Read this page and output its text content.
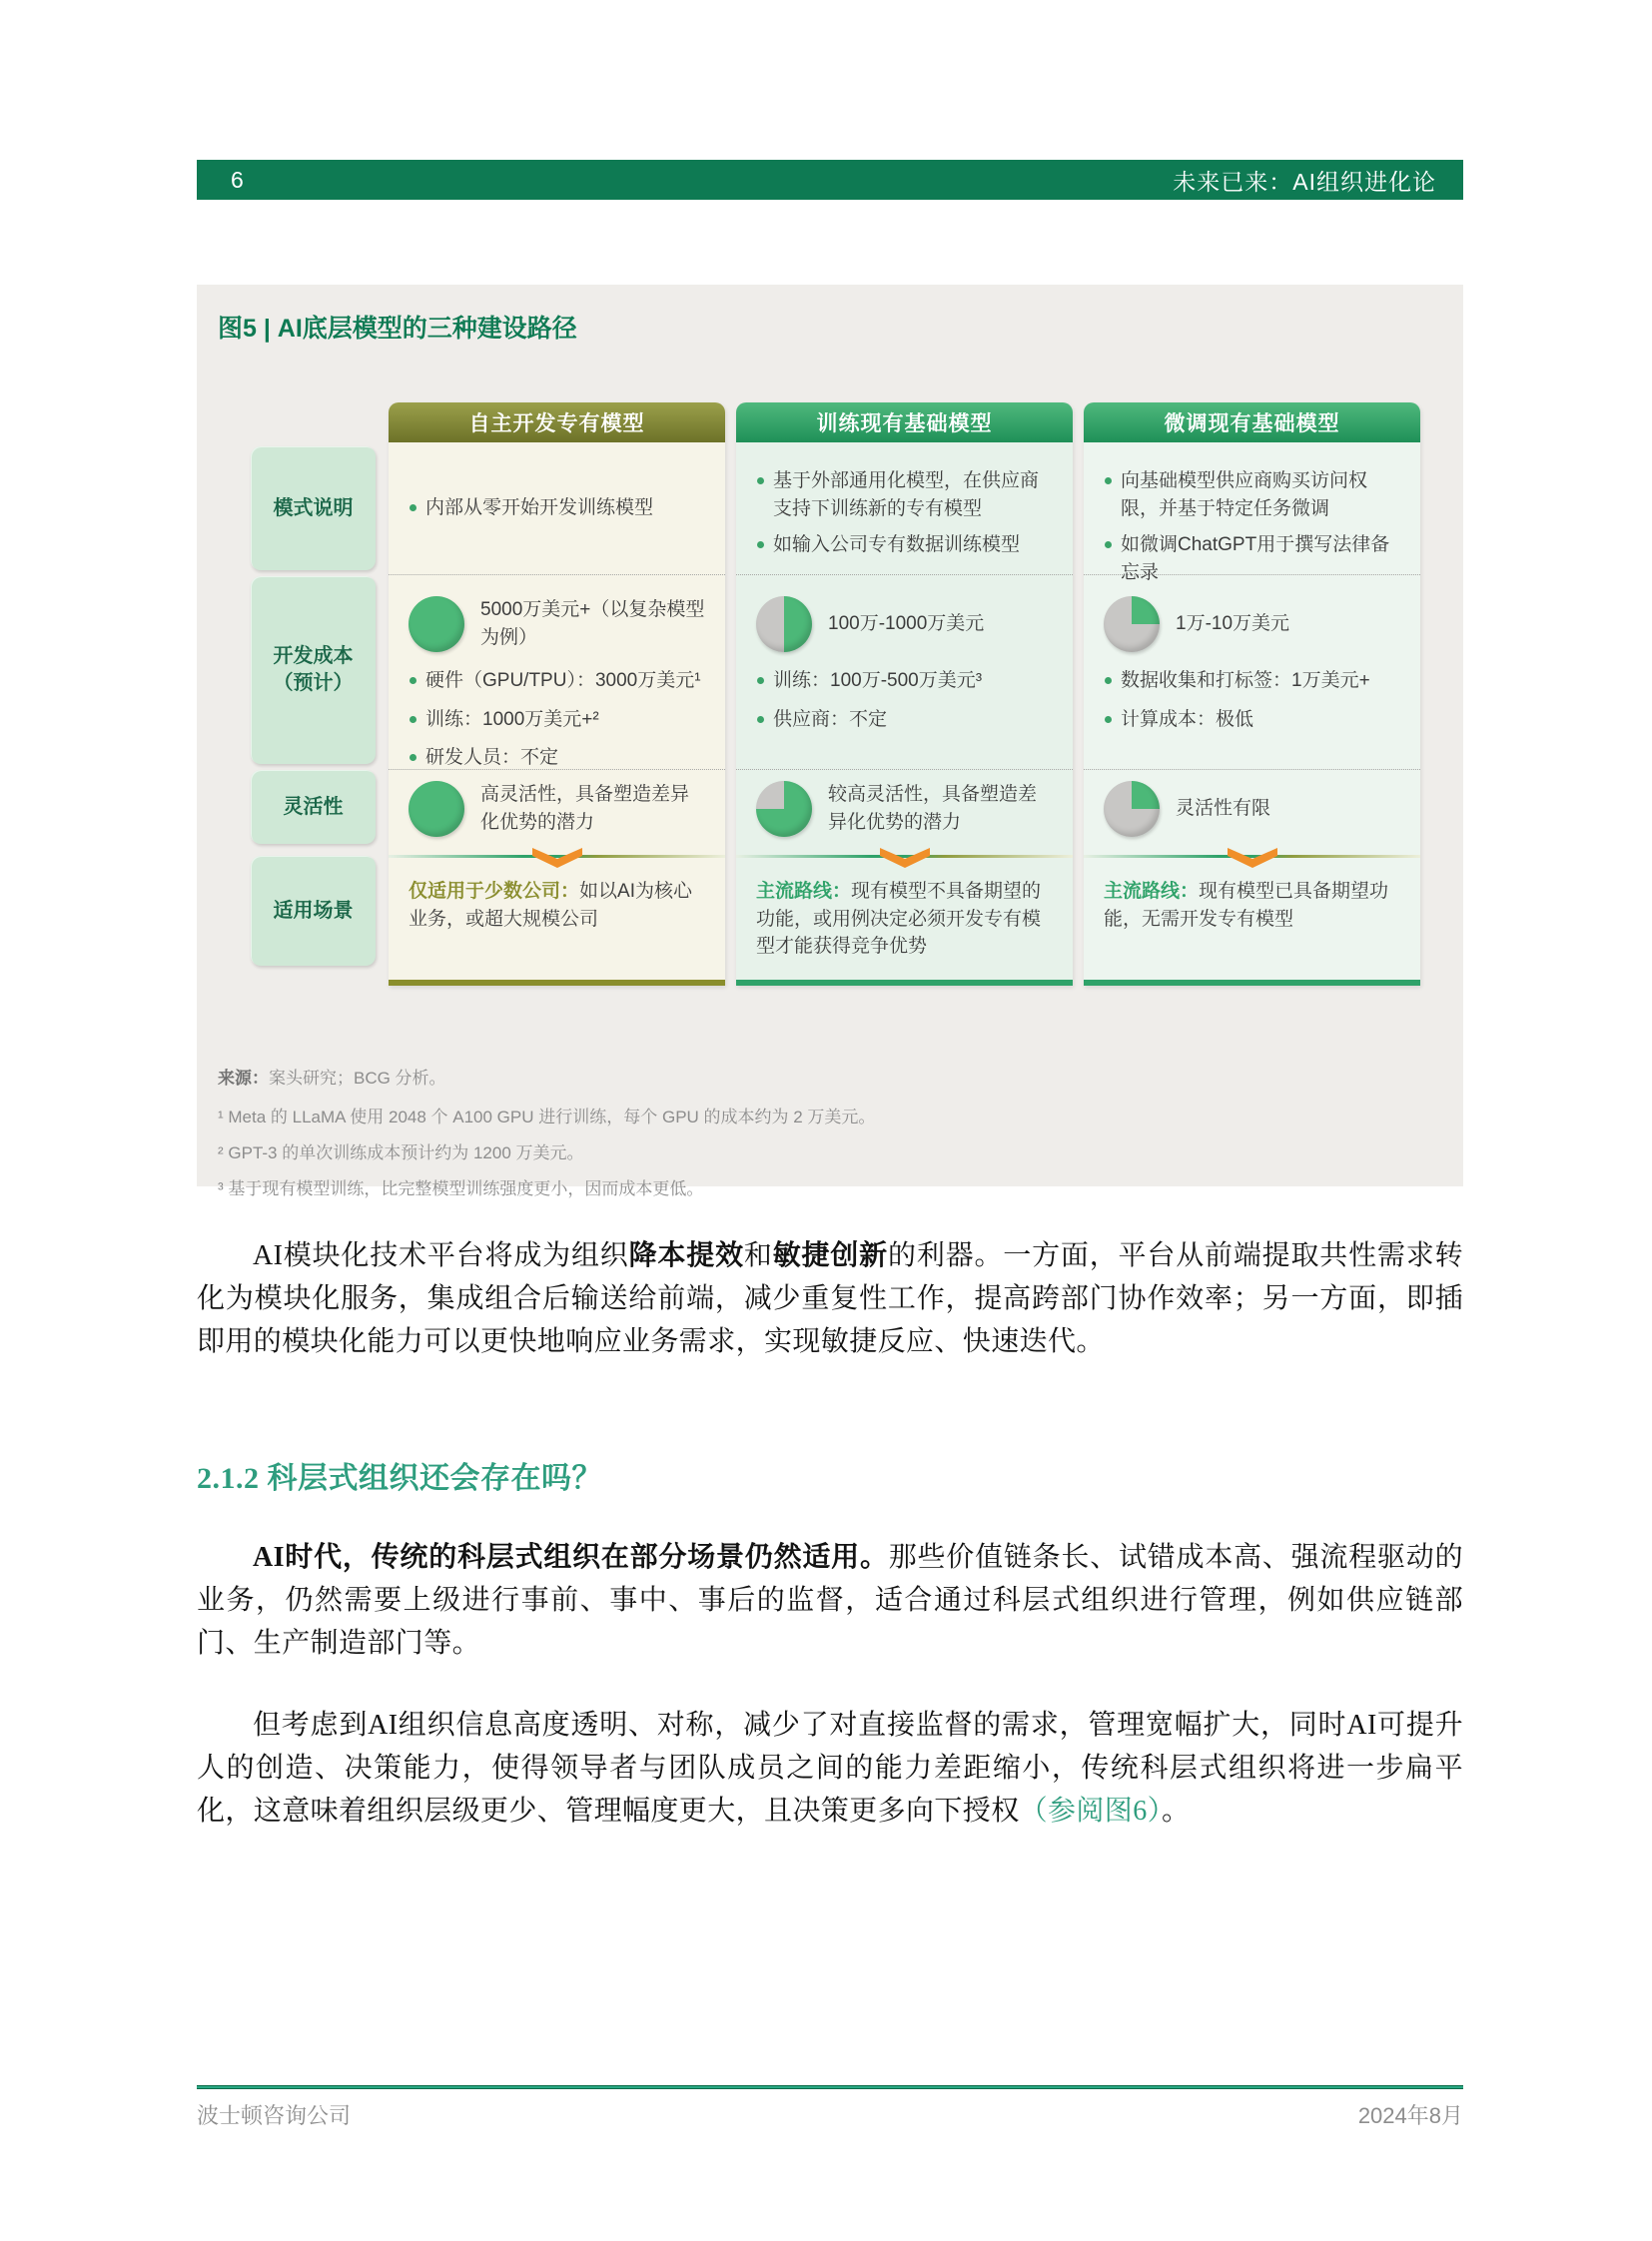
6	未来已来：AI组织进化论
图5 | AI底层模型的三种建设路径
模式说明
开发成本（预计）
灵活性
适用场景
自主开发专有模型
内部从零开始开发训练模型
5000万美元+（以复杂模型为例）
硬件（GPU/TPU）：3000万美元¹
训练：1000万美元+²
研发人员：不定
高灵活性，具备塑造差异化优势的潜力

仅适用于少数公司：如以AI为核心业务，或超大规模公司

训练现有基础模型
基于外部通用化模型，在供应商支持下训练新的专有模型
如输入公司专有数据训练模型
100万-1000万美元
训练：100万-500万美元³
供应商：不定
较高灵活性，具备塑造差异化优势的潜力

主流路线：现有模型不具备期望的功能，或用例决定必须开发专有模型才能获得竞争优势

微调现有基础模型
向基础模型供应商购买访问权限，并基于特定任务微调
如微调ChatGPT用于撰写法律备忘录
1万-10万美元
数据收集和打标签：1万美元+
计算成本：极低
灵活性有限

主流路线：现有模型已具备期望功能，无需开发专有模型

来源：案头研究；BCG 分析。

¹ Meta 的 LLaMA 使用 2048 个 A100 GPU 进行训练，每个 GPU 的成本约为 2 万美元。

² GPT-3 的单次训练成本预计约为 1200 万美元。

³ 基于现有模型训练，比完整模型训练强度更小，因而成本更低。

AI模块化技术平台将成为组织降本提效和敏捷创新的利器。一方面，平台从前端提取共性需求转化为模块化服务，集成组合后输送给前端，减少重复性工作，提高跨部门协作效率；另一方面，即插即用的模块化能力可以更快地响应业务需求，实现敏捷反应、快速迭代。

2.1.2 科层式组织还会存在吗？

AI时代，传统的科层式组织在部分场景仍然适用。那些价值链条长、试错成本高、强流程驱动的业务，仍然需要上级进行事前、事中、事后的监督，适合通过科层式组织进行管理，例如供应链部门、生产制造部门等。

但考虑到AI组织信息高度透明、对称，减少了对直接监督的需求，管理宽幅扩大，同时AI可提升人的创造、决策能力，使得领导者与团队成员之间的能力差距缩小，传统科层式组织将进一步扁平化，这意味着组织层级更少、管理幅度更大，且决策更多向下授权（参阅图6）。

波士顿咨询公司	2024年8月
